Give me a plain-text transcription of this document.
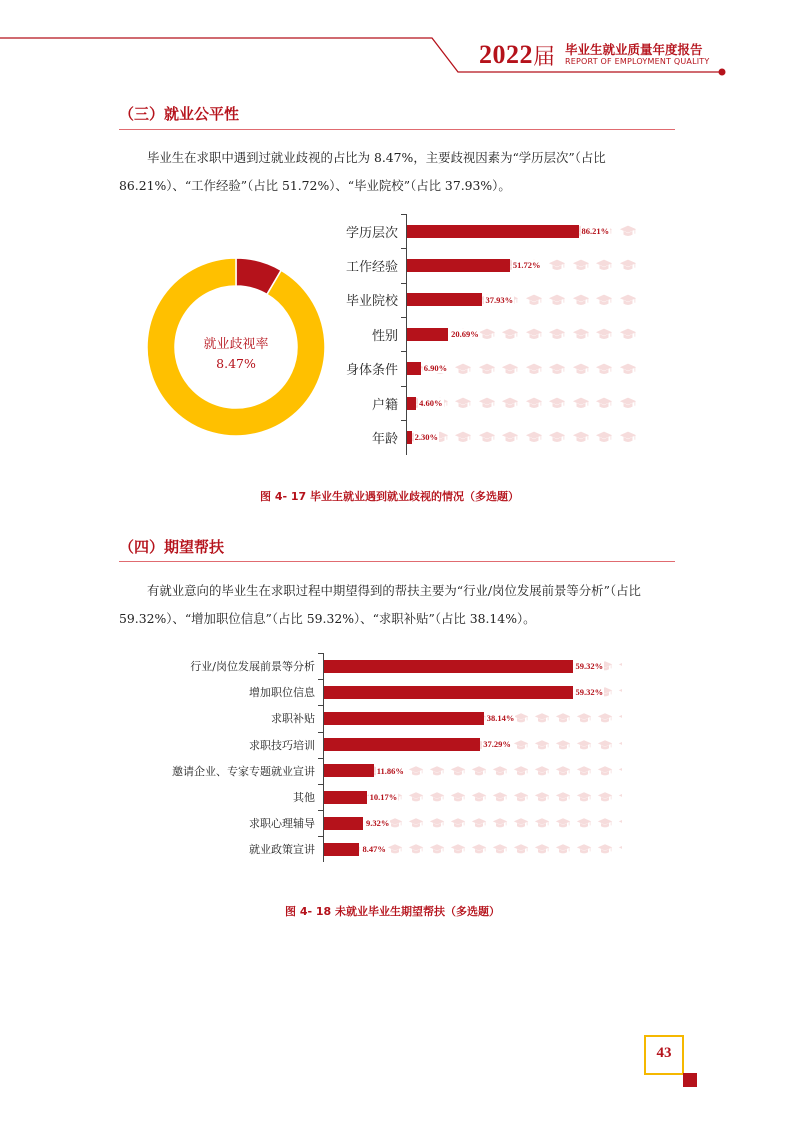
2022 届 毕业生就业质量年度报告
REPORT OF EMPLOYMENT QUALITY
（三）就业公平性
毕业生在求职中遇到过就业歧视的占比为 8.47%，主要歧视因素为“学历层次”（占比 86.21%）、“工作经验”（占比 51.72%）、“毕业院校”（占比 37.93%）。
就业歧视率
8.47%
学历层次	86.21%
工作经验	51.72%
毕业院校	37.93%
性别	20.69%
身体条件	6.90%
户籍 4.60%
年龄 2.30%
图 4- 17 毕业生就业遇到就业歧视的情况（多选题）
（四）期望帮扶
有就业意向的毕业生在求职过程中期望得到的帮扶主要为“行业/岗位发展前景等分析”（占比 59.32%）、“增加职位信息”（占比 59.32%）、“求职补贴”（占比 38.14%）。
行业/岗位发展前景等分析	59.32%
增加职位信息	59.32%
求职补贴	38.14%
求职技巧培训	37.29%
邀请企业、专家专题就业宣讲	11.86%
其他	10.17%
求职心理辅导	9.32%
就业政策宣讲	8.47%
图 4- 18 未就业毕业生期望帮扶（多选题）
43
